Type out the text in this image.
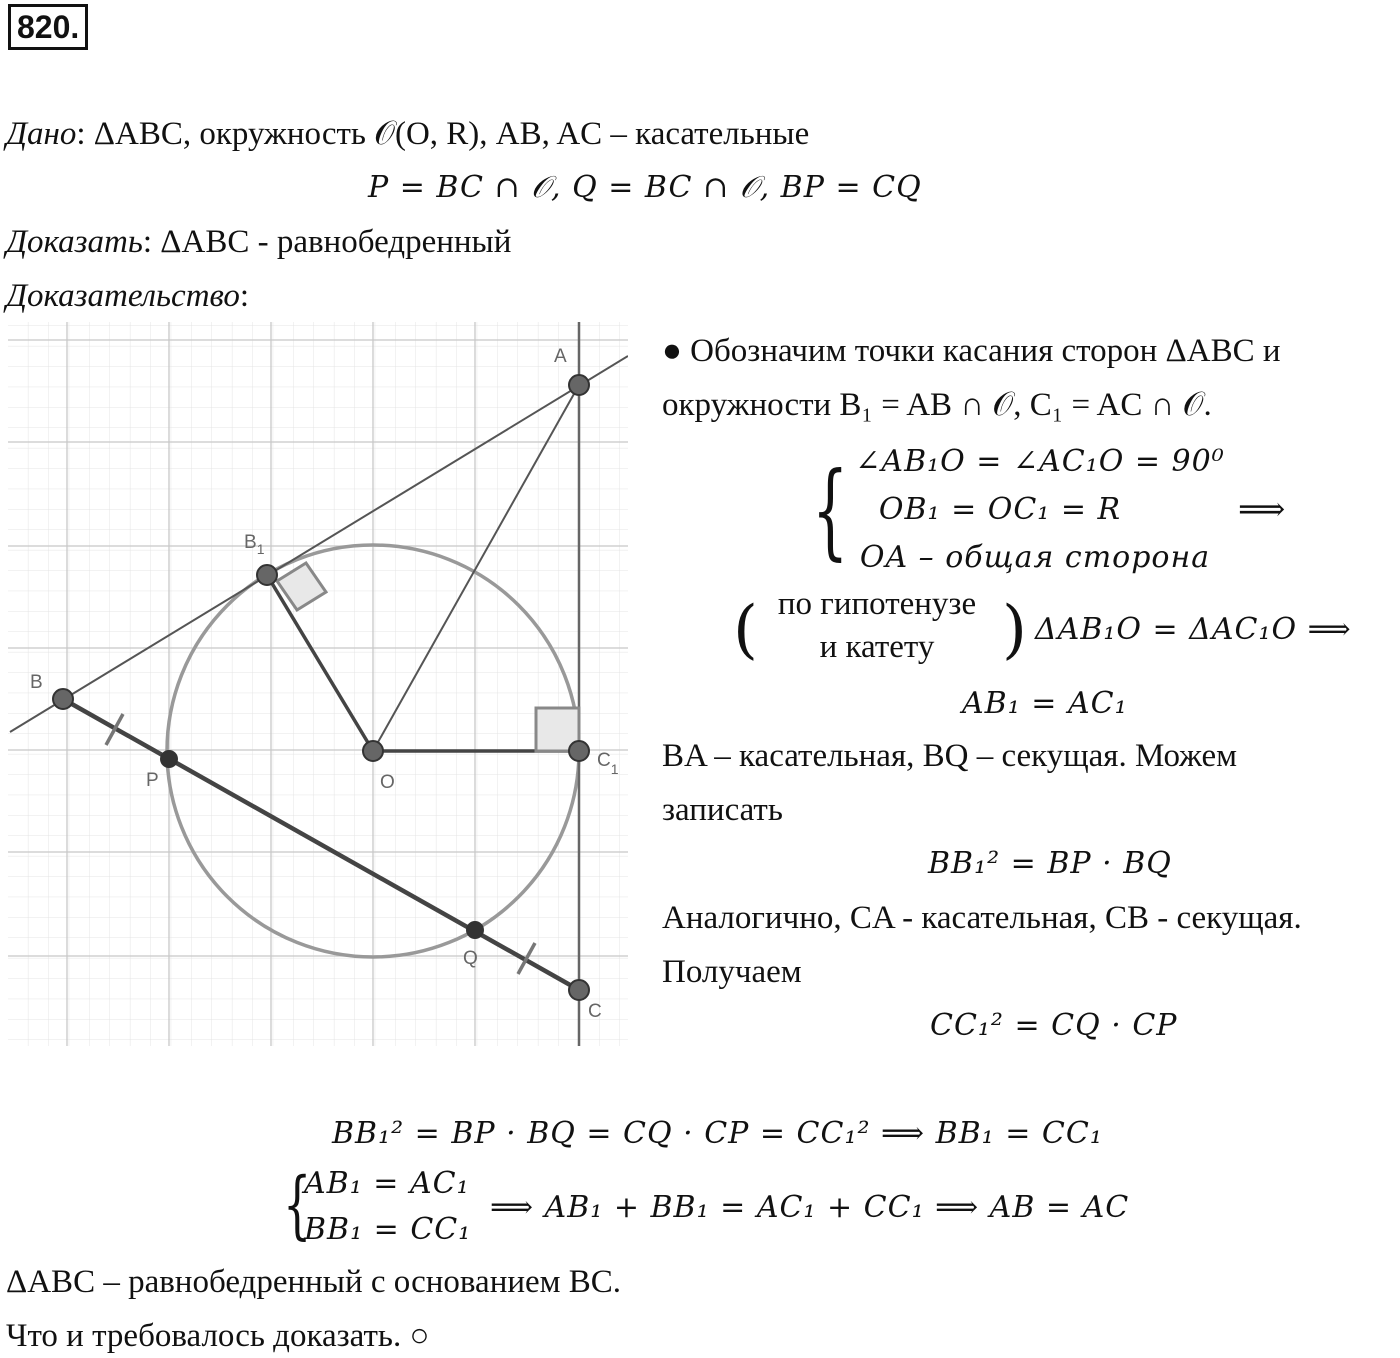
820.
Дано: ΔABC, окружность 𝒪(O, R), AB, AC – касательные
P = BC ∩ 𝒪, Q = BC ∩ 𝒪, BP = CQ
Доказать: ΔABC - равнобедренный
Доказательство:
A
$B_1$
B
O
$C_1$
C
P
Q
● Обозначим точки касания сторон ΔABC и
окружности B₁ = AB ∩ 𝒪, C₁ = AC ∩ 𝒪.
{ ∠AB₁O = ∠AC₁O = 90⁰
OB₁ = OC₁ = R
OA – общая сторона
⟹
( по гипотенузе
и катету	) ΔAB₁O = ΔAC₁O ⟹
AB₁ = AC₁
BA – касательная, BQ – секущая. Можем
записать
BB₁² = BP · BQ
Аналогично, CA - касательная, CB - секущая.
Получаем
CC₁² = CQ · CP
BB₁² = BP · BQ = CQ · CP = CC₁² ⟹ BB₁ = CC₁
{
AB₁ = AC₁
BB₁ = CC₁
⟹ AB₁ + BB₁ = AC₁ + CC₁ ⟹ AB = AC
ΔABC – равнобедренный с основанием BC.
Что и требовалось доказать. ○
